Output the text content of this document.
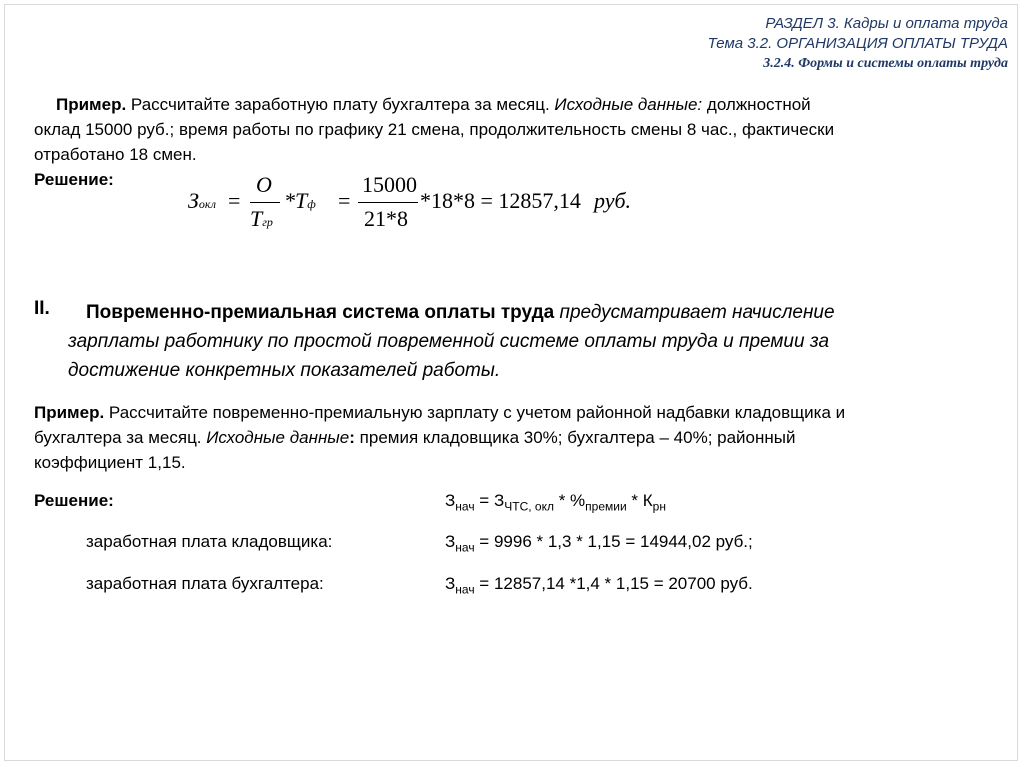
РАЗДЕЛ 3. Кадры и оплата труда
Тема 3.2. ОРГАНИЗАЦИЯ ОПЛАТЫ ТРУДА
3.2.4. Формы и системы оплаты труда
Пример. Рассчитайте заработную плату бухгалтера за месяц. Исходные данные: должностной
оклад 15000 руб.; время работы по графику 21 смена, продолжительность смены 8 час., фактически
отработано 18 смен.
Решение:
Зокл =
О
Тгр
*Тф =
15000
21*8
*18*8 = 12857,14 руб.
II.	Повременно-премиальная система оплаты труда предусматривает начисление
зарплаты работнику по простой повременной системе оплаты труда и премии за
достижение конкретных показателей работы.
Пример. Рассчитайте повременно-премиальную зарплату с учетом районной надбавки кладовщика и
бухгалтера за месяц. Исходные данные: премия кладовщика 30%; бухгалтера – 40%; районный
коэффициент 1,15.
Решение:	$З_{нач} = З_{ЧТС, окл} * \%_{премии} * К_{рн}$
заработная плата кладовщика:	$З_{нач} = 9996 * 1,3 * 1,15 = 14944,02$ руб.;
заработная плата бухгалтера:	$З_{нач} = 12857,14$ *1,4 * 1,15 = 20700 руб.
